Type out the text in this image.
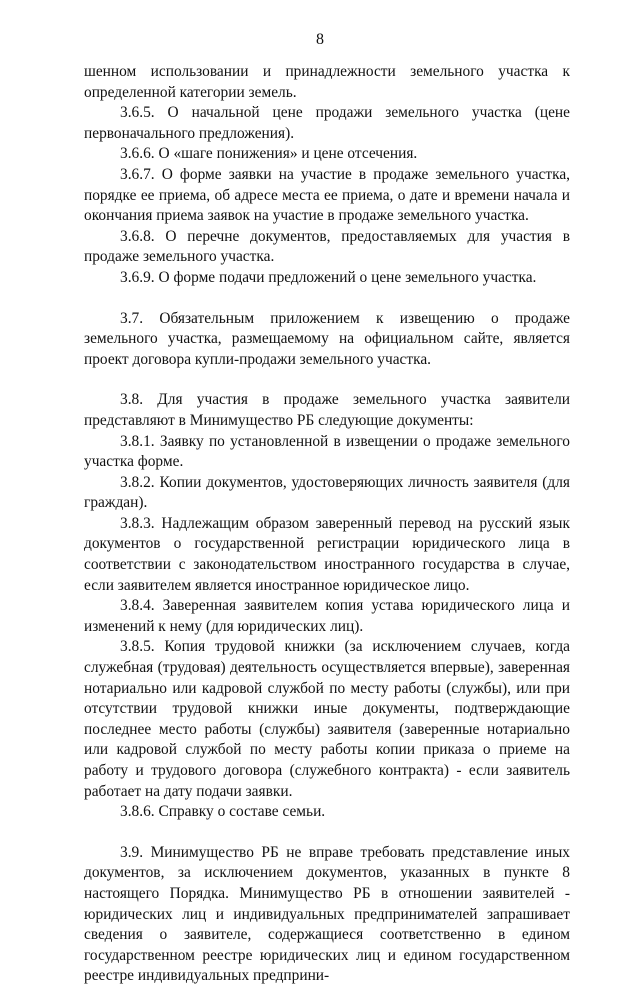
8

шенном использовании и принадлежности земельного участка к определенной категории земель.

3.6.5. О начальной цене продажи земельного участка (цене первоначального предложения).

3.6.6. О «шаге понижения» и цене отсечения.

3.6.7. О форме заявки на участие в продаже земельного участка, порядке ее приема, об адресе места ее приема, о дате и времени начала и окончания приема заявок на участие в продаже земельного участка.

3.6.8. О перечне документов, предоставляемых для участия в продаже земельного участка.

3.6.9. О форме подачи предложений о цене земельного участка.

3.7. Обязательным приложением к извещению о продаже земельного участка, размещаемому на официальном сайте, является проект договора купли-продажи земельного участка.

3.8. Для участия в продаже земельного участка заявители представляют в Минимущество РБ следующие документы:

3.8.1. Заявку по установленной в извещении о продаже земельного участка форме.

3.8.2. Копии документов, удостоверяющих личность заявителя (для граждан).

3.8.3. Надлежащим образом заверенный перевод на русский язык документов о государственной регистрации юридического лица в соответствии с законодательством иностранного государства в случае, если заявителем является иностранное юридическое лицо.

3.8.4. Заверенная заявителем копия устава юридического лица и изменений к нему (для юридических лиц).

3.8.5. Копия трудовой книжки (за исключением случаев, когда служебная (трудовая) деятельность осуществляется впервые), заверенная нотариально или кадровой службой по месту работы (службы), или при отсутствии трудовой книжки иные документы, подтверждающие последнее место работы (службы) заявителя (заверенные нотариально или кадровой службой по месту работы копии приказа о приеме на работу и трудового договора (служебного контракта) - если заявитель работает на дату подачи заявки.

3.8.6. Справку о составе семьи.

3.9. Минимущество РБ не вправе требовать представление иных документов, за исключением документов, указанных в пункте 8 настоящего Порядка. Минимущество РБ в отношении заявителей - юридических лиц и индивидуальных предпринимателей запрашивает сведения о заявителе, содержащиеся соответственно в едином государственном реестре юридических лиц и едином государственном реестре индивидуальных предприни-
